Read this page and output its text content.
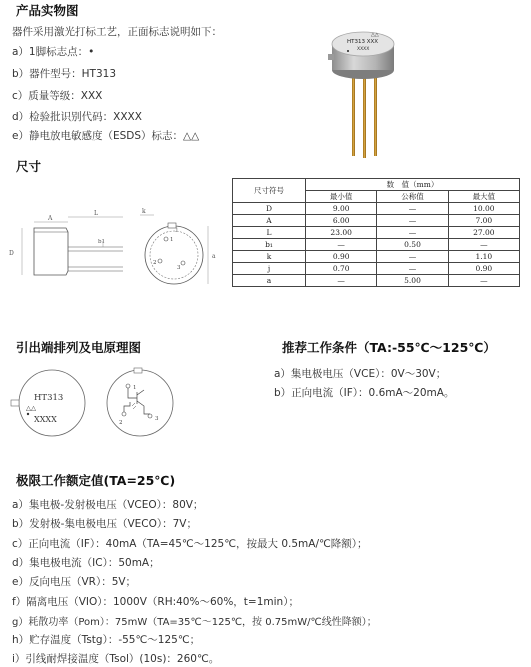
产品实物图
器件采用激光打标工艺，正面标志说明如下：
a）1脚标志点：•
b）器件型号：HT313
c）质量等级：XXX
d）检验批识别代码：XXXX
e）静电放电敏感度（ESDS）标志：△△
△△
HT313 XXX
XXXX
尺寸
A
L
b1
D
k
a
j
1
2
3
尺寸符号	数　值（mm）		
	最小值	公称值	最大值
D	9.00	—	10.00
A	6.00	—	7.00
L	23.00	—	27.00
b₁	—	0.50	—
k	0.90	—	1.10
j	0.70	—	0.90
a	—	5.00	—
引出端排列及电原理图
HT313
△△
XXXX
1
2
3
推荐工作条件（TA:-55℃～125℃）
a）集电极电压（VCE）：0V～30V；
b）正向电流（IF）：0.6mA～20mA。
极限工作额定值(TA=25℃)
a）集电极-发射极电压（VCEO）：80V；
b）发射极-集电极电压（VECO）：7V；
c）正向电流（IF）：40mA（TA=45℃～125℃，按最大 0.5mA/℃降额）；
d）集电极电流（IC）：50mA；
e）反向电压（VR）：5V；
f）隔离电压（VIO）：1000V（RH:40%～60%，t=1min）；
g）耗散功率（Pom）：75mW（TA=35℃～125℃，按 0.75mW/℃线性降额）；
h）贮存温度（Tstg）：-55℃～125℃；
i）引线耐焊接温度（Tsol）(10s)：260℃。
